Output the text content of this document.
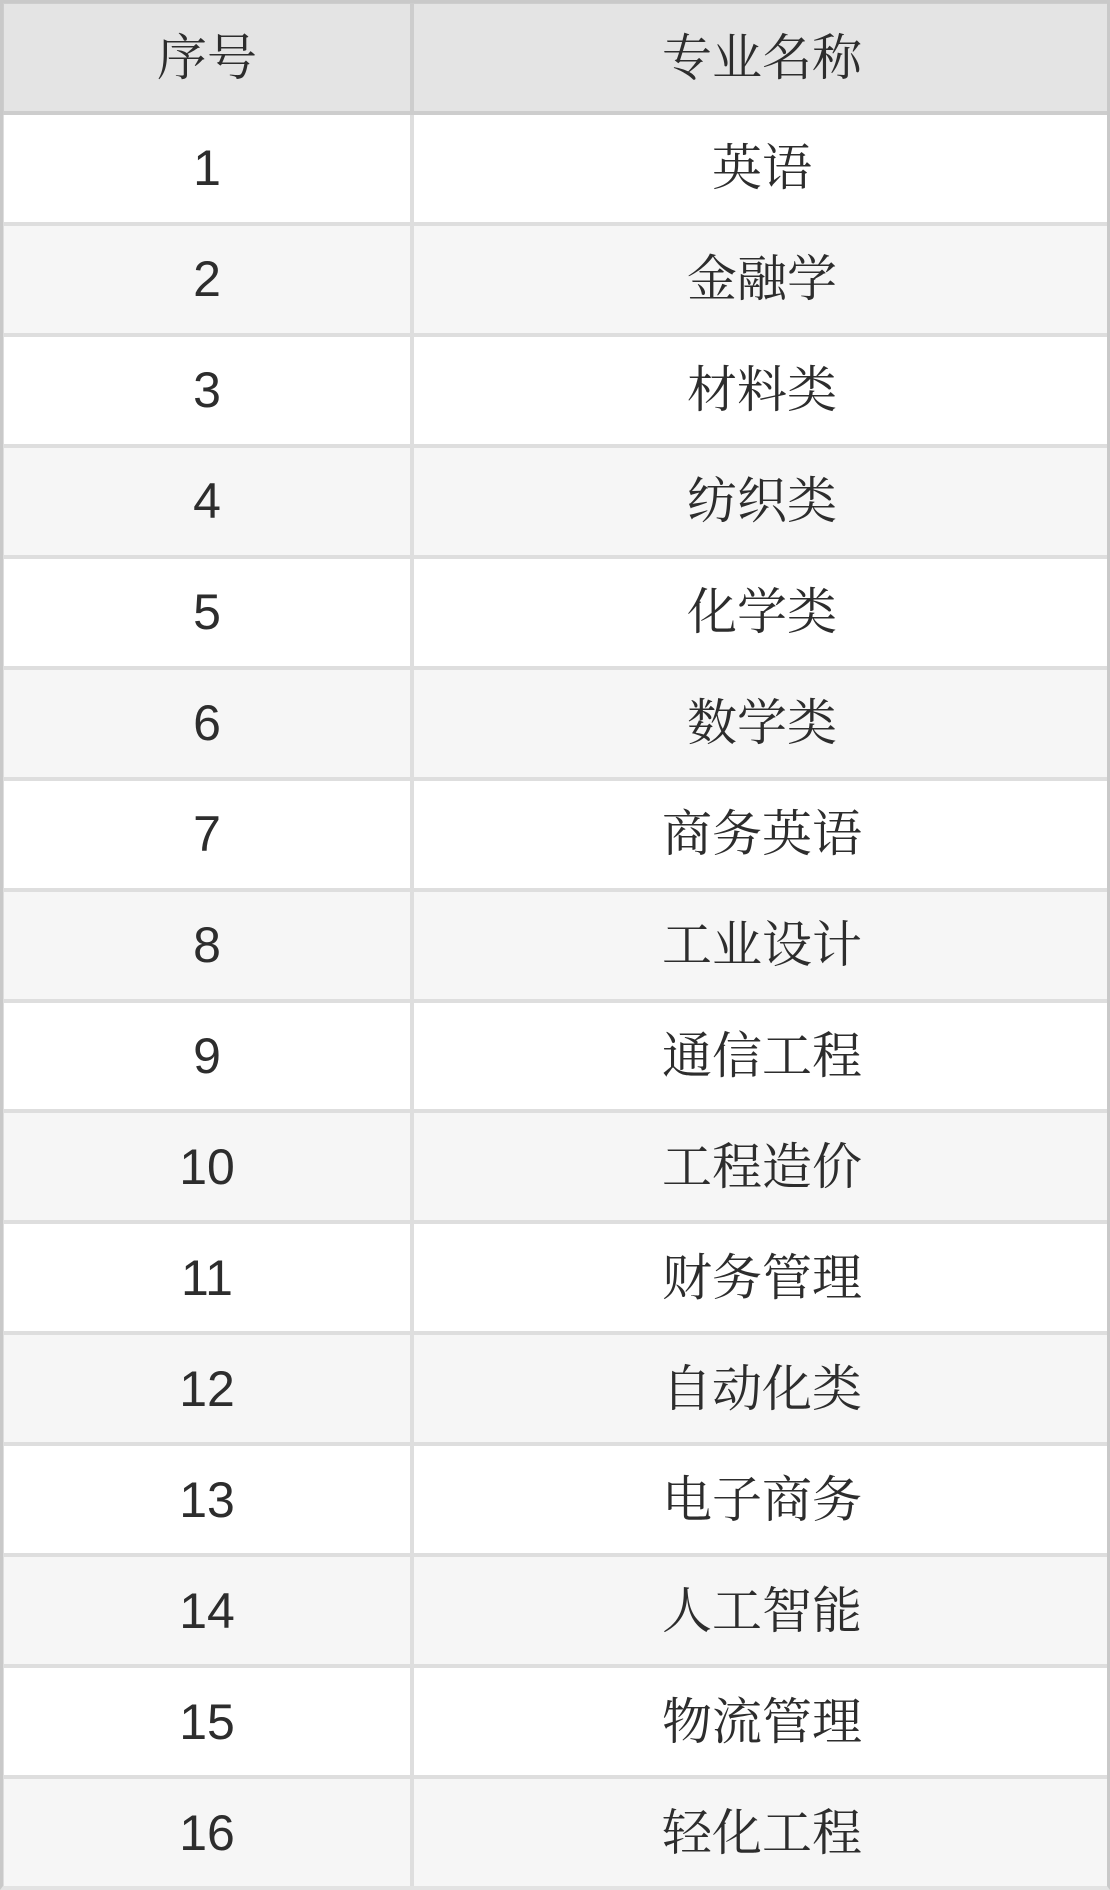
序号	专业名称
1	英语
2	金融学
3	材料类
4	纺织类
5	化学类
6	数学类
7	商务英语
8	工业设计
9	通信工程
10	工程造价
11	财务管理
12	自动化类
13	电子商务
14	人工智能
15	物流管理
16	轻化工程
